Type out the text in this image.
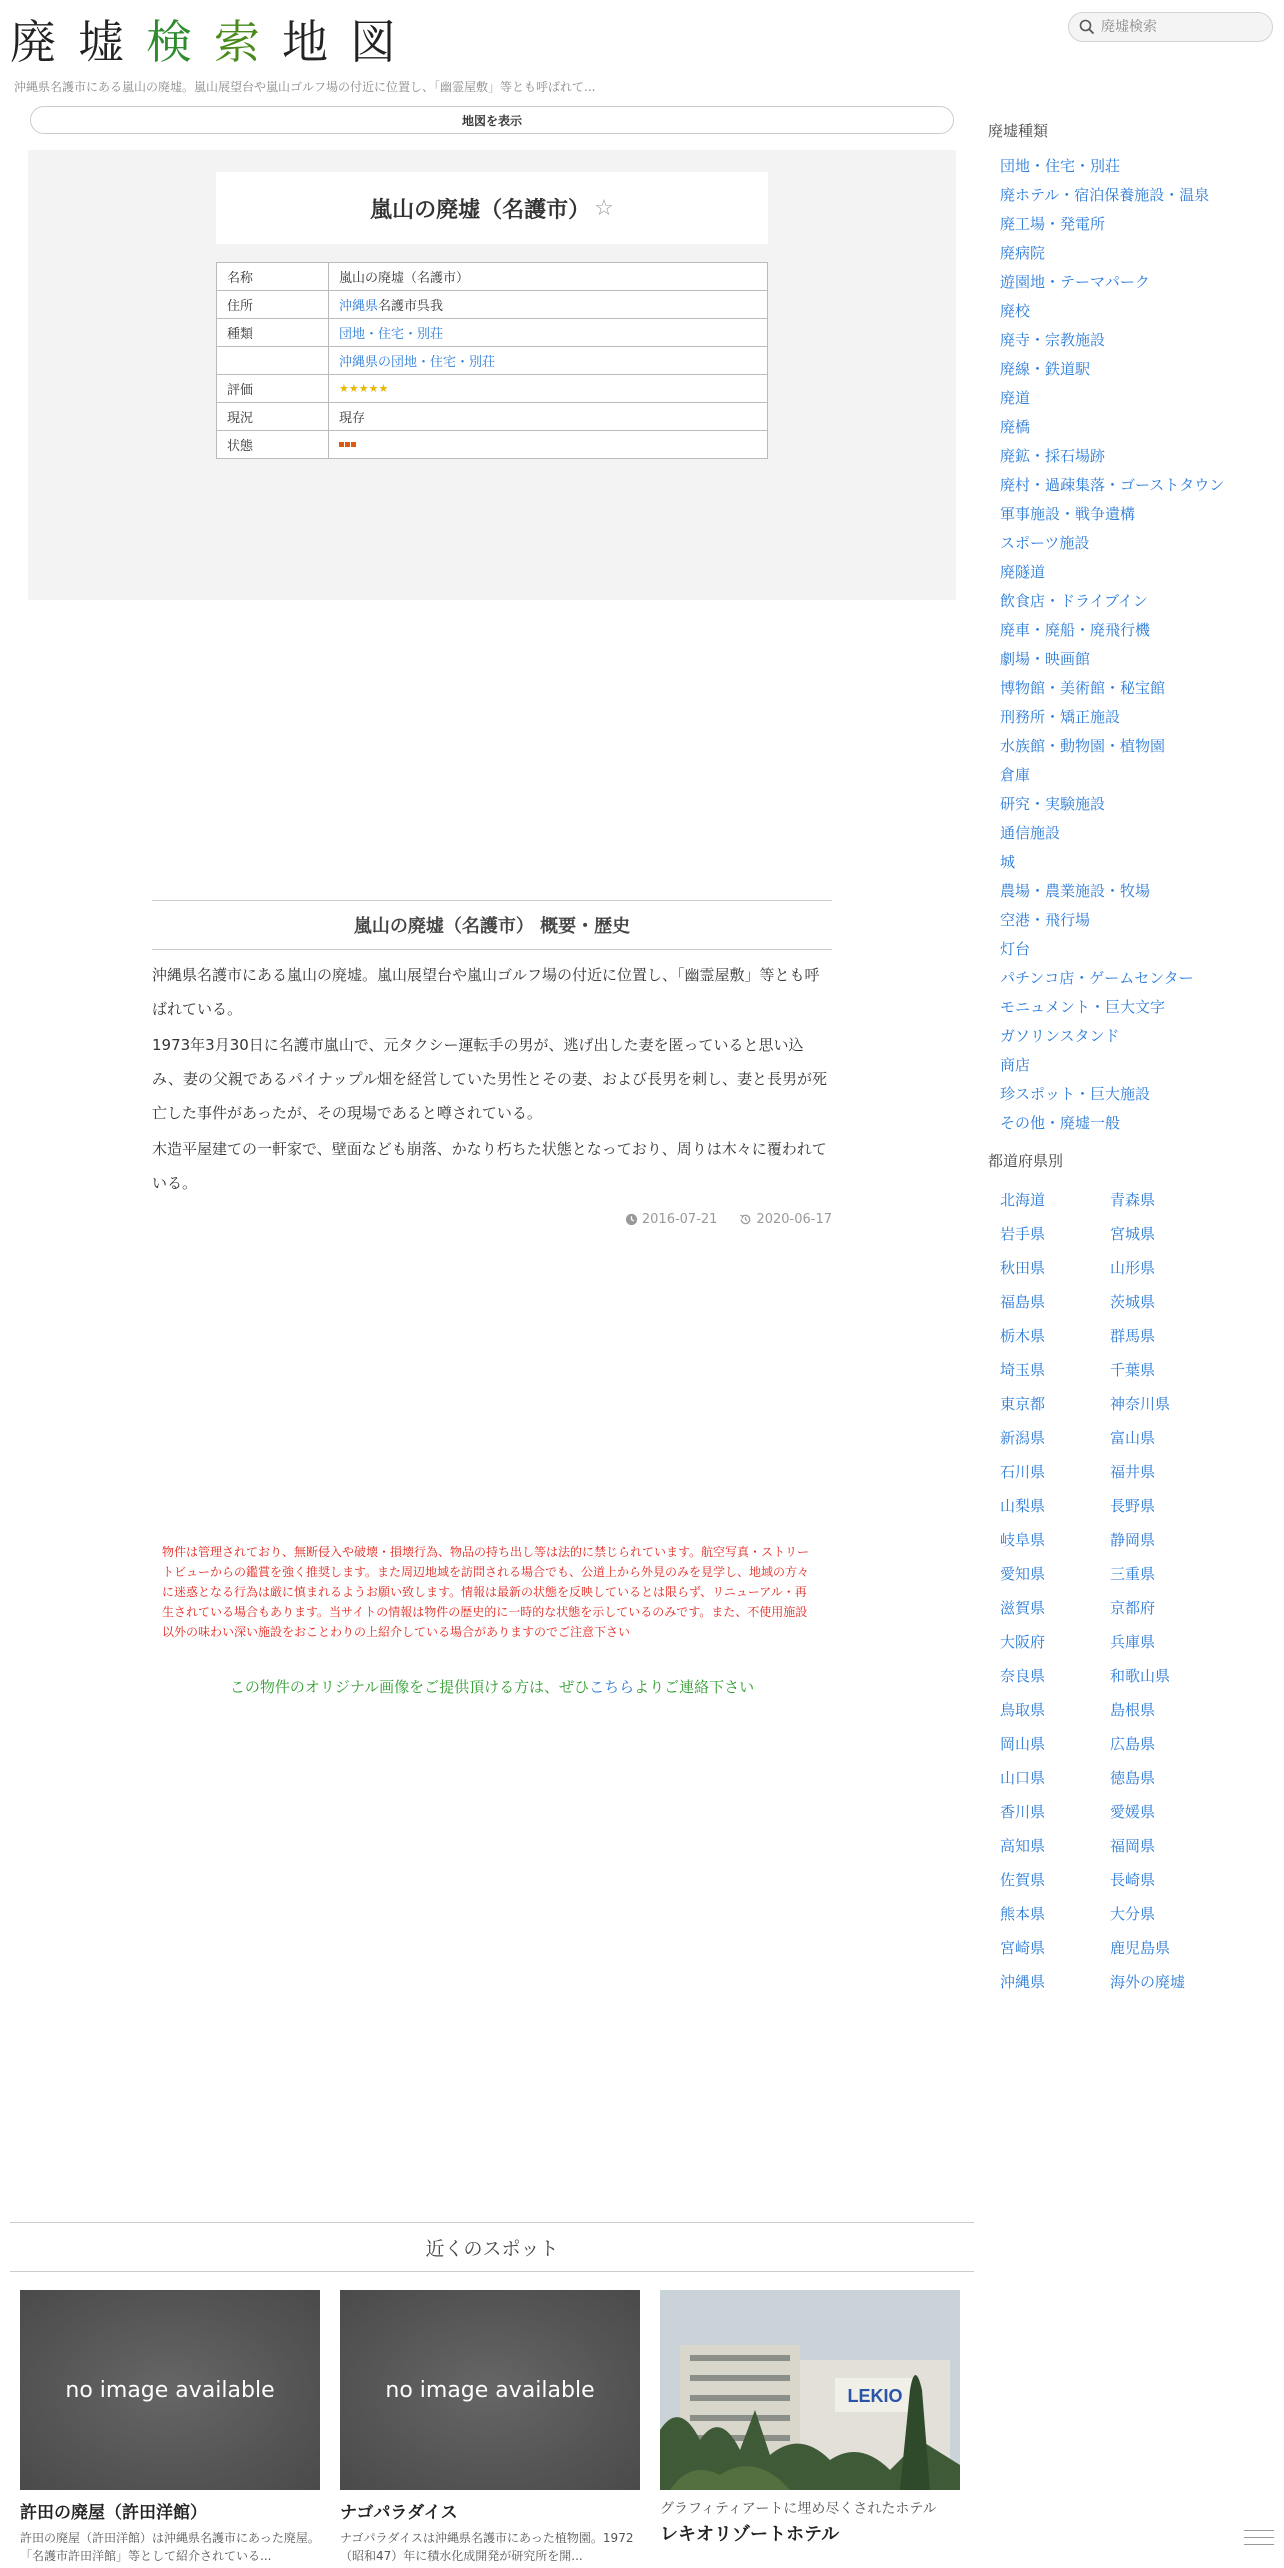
廃墟検索地図
廃墟検索
沖縄県名護市にある嵐山の廃墟。嵐山展望台や嵐山ゴルフ場の付近に位置し、「幽霊屋敷」等とも呼ばれて...
地図を表示
嵐山の廃墟（名護市） ☆
名称	嵐山の廃墟（名護市）
住所	沖縄県名護市呉我
種類	団地・住宅・別荘
	沖縄県の団地・住宅・別荘
評価	★★★★★
現況	現存
状態	
嵐山の廃墟（名護市） 概要・歴史

沖縄県名護市にある嵐山の廃墟。嵐山展望台や嵐山ゴルフ場の付近に位置し、「幽霊屋敷」等とも呼ばれている。

1973年3月30日に名護市嵐山で、元タクシー運転手の男が、逃げ出した妻を匿っていると思い込み、妻の父親であるパイナップル畑を経営していた男性とその妻、および長男を刺し、妻と長男が死亡した事件があったが、その現場であると噂されている。

木造平屋建ての一軒家で、壁面なども崩落、かなり朽ちた状態となっており、周りは木々に覆われている。

2016-07-21	2020-06-17
物件は管理されており、無断侵入や破壊・損壊行為、物品の持ち出し等は法的に禁じられています。航空写真・ストリートビューからの鑑賞を強く推奨します。また周辺地域を訪問される場合でも、公道上から外見のみを見学し、地域の方々に迷惑となる行為は厳に慎まれるようお願い致します。情報は最新の状態を反映しているとは限らず、リニューアル・再生されている場合もあります。当サイトの情報は物件の歴史的に一時的な状態を示しているのみです。また、不使用施設以外の味わい深い施設をおことわりの上紹介している場合がありますのでご注意下さい
この物件のオリジナル画像をご提供頂ける方は、ぜひこちらよりご連絡下さい
近くのスポット
no image available
許田の廃屋（許田洋館）
許田の廃屋（許田洋館）は沖縄県名護市にあった廃屋。「名護市許田洋館」等として紹介されている...
no image available
ナゴパラダイス
ナゴパラダイスは沖縄県名護市にあった植物園。1972（昭和47）年に積水化成開発が研究所を開...
LEKIO
グラフィティアートに埋め尽くされたホテル
レキオリゾートホテル
廃墟種類
団地・住宅・別荘
廃ホテル・宿泊保養施設・温泉
廃工場・発電所
廃病院
遊園地・テーマパーク
廃校
廃寺・宗教施設
廃線・鉄道駅
廃道
廃橋
廃鉱・採石場跡
廃村・過疎集落・ゴーストタウン
軍事施設・戦争遺構
スポーツ施設
廃隧道
飲食店・ドライブイン
廃車・廃船・廃飛行機
劇場・映画館
博物館・美術館・秘宝館
刑務所・矯正施設
水族館・動物園・植物園
倉庫
研究・実験施設
通信施設
城
農場・農業施設・牧場
空港・飛行場
灯台
パチンコ店・ゲームセンター
モニュメント・巨大文字
ガソリンスタンド
商店
珍スポット・巨大施設
その他・廃墟一般
都道府県別
北海道	青森県
岩手県	宮城県
秋田県	山形県
福島県	茨城県
栃木県	群馬県
埼玉県	千葉県
東京都	神奈川県
新潟県	富山県
石川県	福井県
山梨県	長野県
岐阜県	静岡県
愛知県	三重県
滋賀県	京都府
大阪府	兵庫県
奈良県	和歌山県
鳥取県	島根県
岡山県	広島県
山口県	徳島県
香川県	愛媛県
高知県	福岡県
佐賀県	長崎県
熊本県	大分県
宮崎県	鹿児島県
沖縄県	海外の廃墟
